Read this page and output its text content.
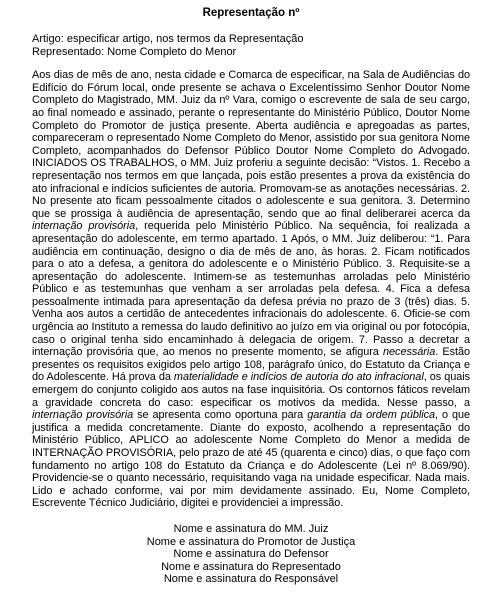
Representação nº
Artigo: especificar artigo, nos termos da Representação
Representado: Nome Completo do Menor

Aos dias de mês de ano, nesta cidade e Comarca de especificar, na Sala de Audiências do Edifício do Fórum local, onde presente se achava o Excelentíssimo Senhor Doutor Nome Completo do Magistrado, MM. Juiz da nº Vara, comigo o escrevente de sala de seu cargo, ao final nomeado e assinado, perante o representante do Ministério Público, Doutor Nome Completo do Promotor de justiça presente. Aberta audiência e apregoadas as partes, compareceram o representado Nome Completo do Menor, assistido por sua genitora Nome Completo, acompanhados do Defensor Público Doutor Nome Completo do Advogado. INICIADOS OS TRABALHOS, o MM. Juiz proferiu a seguinte decisão: “Vistos. 1. Recebo a representação nos termos em que lançada, pois estão presentes a prova da existência do ato infracional e indícios suficientes de autoria. Promovam-se as anotações necessárias. 2. No presente ato ficam pessoalmente citados o adolescente e sua genitora. 3. Determino que se prossiga à audiência de apresentação, sendo que ao final deliberarei acerca da internação provisória, requerida pelo Ministério Público. Na sequência, foi realizada a apresentação do adolescente, em termo apartado. 1 Após, o MM. Juiz deliberou: “1. Para audiência em continuação, designo o dia de mês de ano, às horas. 2. Ficam notificados para o ato a defesa, a genitora do adolescente e o Ministério Público. 3. Requisite-se a apresentação do adolescente. Intimem-se as testemunhas arroladas pelo Ministério Público e as testemunhas que venham a ser arroladas pela defesa. 4. Fica a defesa pessoalmente intimada para apresentação da defesa prévia no prazo de 3 (três) dias. 5. Venha aos autos a certidão de antecedentes infracionais do adolescente. 6. Oficie-se com urgência ao Instituto a remessa do laudo definitivo ao juízo em via original ou por fotocópia, caso o original tenha sido encaminhado à delegacia de origem. 7. Passo a decretar a internação provisória que, ao menos no presente momento, se afigura necessária. Estão presentes os requisitos exigidos pelo artigo 108, parágrafo único, do Estatuto da Criança e do Adolescente. Há prova da materialidade e indícios de autoria do ato infracional, os quais emergem do conjunto coligido aos autos na fase inquisitória. Os contornos fáticos revelam a gravidade concreta do caso: especificar os motivos da medida. Nesse passo, a internação provisória se apresenta como oportuna para garantia da ordem pública, o que justifica a medida concretamente. Diante do exposto, acolhendo a representação do Ministério Público, APLICO ao adolescente Nome Completo do Menor a medida de INTERNAÇÃO PROVISÓRIA, pelo prazo de até 45 (quarenta e cinco) dias, o que faço com fundamento no artigo 108 do Estatuto da Criança e do Adolescente (Lei nº 8.069/90). Providencie-se o quanto necessário, requisitando vaga na unidade especificar. Nada mais. Lido e achado conforme, vai por mim devidamente assinado. Eu, Nome Completo, Escrevente Técnico Judiciário, digitei e providenciei a impressão.

Nome e assinatura do MM. Juiz
Nome e assinatura do Promotor de Justiça
Nome e assinatura do Defensor
Nome e assinatura do Representado
Nome e assinatura do Responsável
